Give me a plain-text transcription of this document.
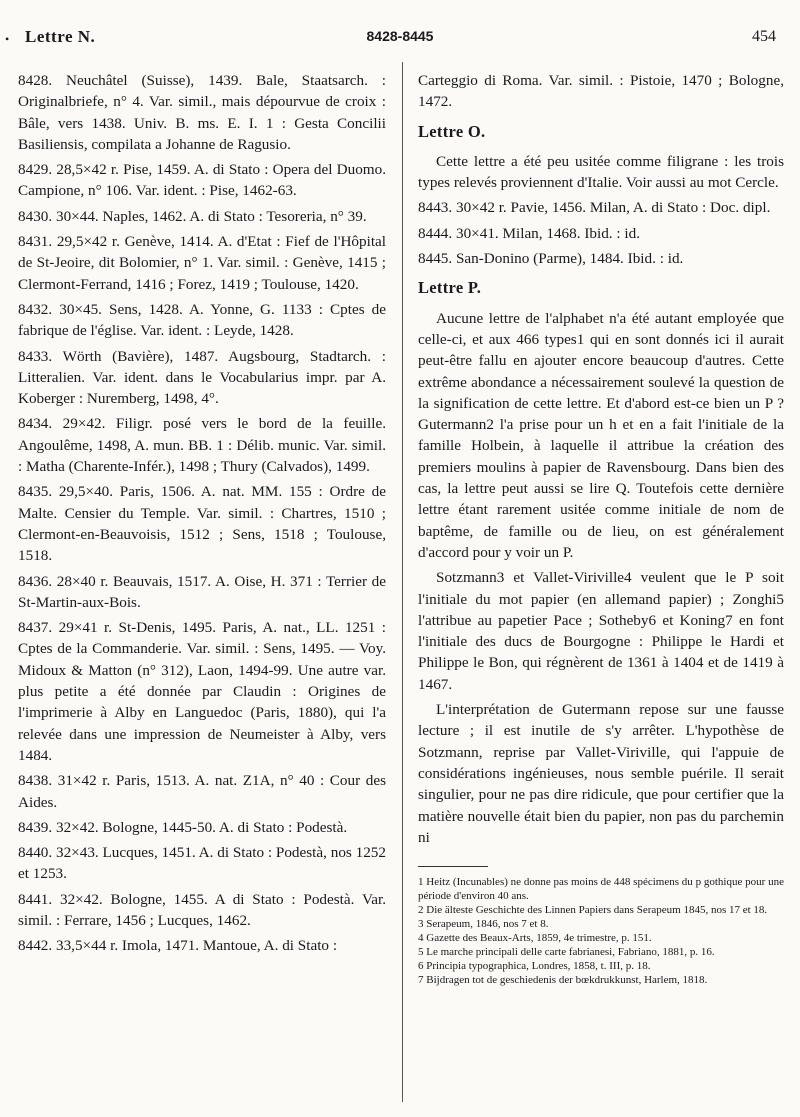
• Lettre N.	8428-8445	454

8428. Neuchâtel (Suisse), 1439. Bale, Staatsarch. : Originalbriefe, n° 4. Var. simil., mais dépourvue de croix : Bâle, vers 1438. Univ. B. ms. E. I. 1 : Gesta Concilii Basiliensis, compilata a Johanne de Ragusio.

8429. 28,5×42 r. Pise, 1459. A. di Stato : Opera del Duomo. Campione, n° 106. Var. ident. : Pise, 1462-63.

8430. 30×44. Naples, 1462. A. di Stato : Tesoreria, n° 39.

8431. 29,5×42 r. Genève, 1414. A. d'Etat : Fief de l'Hôpital de St-Jeoire, dit Bolomier, n° 1. Var. simil. : Genève, 1415 ; Clermont-Ferrand, 1416 ; Forez, 1419 ; Toulouse, 1420.

8432. 30×45. Sens, 1428. A. Yonne, G. 1133 : Cptes de fabrique de l'église. Var. ident. : Leyde, 1428.

8433. Wörth (Bavière), 1487. Augsbourg, Stadtarch. : Litteralien. Var. ident. dans le Vocabularius impr. par A. Koberger : Nuremberg, 1498, 4°.

8434. 29×42. Filigr. posé vers le bord de la feuille. Angoulême, 1498, A. mun. BB. 1 : Délib. munic. Var. simil. : Matha (Charente-Infér.), 1498 ; Thury (Calvados), 1499.

8435. 29,5×40. Paris, 1506. A. nat. MM. 155 : Ordre de Malte. Censier du Temple. Var. simil. : Chartres, 1510 ; Clermont-en-Beauvoisis, 1512 ; Sens, 1518 ; Toulouse, 1518.

8436. 28×40 r. Beauvais, 1517. A. Oise, H. 371 : Terrier de St-Martin-aux-Bois.

8437. 29×41 r. St-Denis, 1495. Paris, A. nat., LL. 1251 : Cptes de la Commanderie. Var. simil. : Sens, 1495. — Voy. Midoux & Matton (n° 312), Laon, 1494-99. Une autre var. plus petite a été donnée par Claudin : Origines de l'imprimerie à Alby en Languedoc (Paris, 1880), qui l'a relevée dans une impression de Neumeister à Alby, vers 1484.

8438. 31×42 r. Paris, 1513. A. nat. Z1A, n° 40 : Cour des Aides.

8439. 32×42. Bologne, 1445-50. A. di Stato : Podestà.

8440. 32×43. Lucques, 1451. A. di Stato : Podestà, nos 1252 et 1253.

8441. 32×42. Bologne, 1455. A di Stato : Podestà. Var. simil. : Ferrare, 1456 ; Lucques, 1462.

8442. 33,5×44 r. Imola, 1471. Mantoue, A. di Stato :

Carteggio di Roma. Var. simil. : Pistoie, 1470 ; Bologne, 1472.

Lettre O.

Cette lettre a été peu usitée comme filigrane : les trois types relevés proviennent d'Italie. Voir aussi au mot Cercle.

8443. 30×42 r. Pavie, 1456. Milan, A. di Stato : Doc. dipl.

8444. 30×41. Milan, 1468. Ibid. : id.

8445. San-Donino (Parme), 1484. Ibid. : id.

Lettre P.

Aucune lettre de l'alphabet n'a été autant employée que celle-ci, et aux 466 types1 qui en sont donnés ici il aurait peut-être fallu en ajouter encore beaucoup d'autres. Cette extrême abondance a nécessairement soulevé la question de la signification de cette lettre. Et d'abord est-ce bien un P ? Gutermann2 l'a prise pour un h et en a fait l'initiale de la famille Holbein, à laquelle il attribue la création des premiers moulins à papier de Ravensbourg. Dans bien des cas, la lettre peut aussi se lire Q. Toutefois cette dernière lettre étant rarement usitée comme initiale de nom de baptême, de famille ou de lieu, on est généralement d'accord pour y voir un P.

Sotzmann3 et Vallet-Viriville4 veulent que le P soit l'initiale du mot papier (en allemand papier) ; Zonghi5 l'attribue au papetier Pace ; Sotheby6 et Koning7 en font l'initiale des ducs de Bourgogne : Philippe le Hardi et Philippe le Bon, qui régnèrent de 1361 à 1404 et de 1419 à 1467.

L'interprétation de Gutermann repose sur une fausse lecture ; il est inutile de s'y arrêter. L'hypothèse de Sotzmann, reprise par Vallet-Viriville, qui l'appuie de considérations ingénieuses, nous semble puérile. Il serait singulier, pour ne pas dire ridicule, que pour certifier que la matière nouvelle était bien du papier, non pas du parchemin ni

1 Heitz (Incunables) ne donne pas moins de 448 spécimens du p gothique pour une période d'environ 40 ans.

2 Die älteste Geschichte des Linnen Papiers dans Serapeum 1845, nos 17 et 18.

3 Serapeum, 1846, nos 7 et 8.

4 Gazette des Beaux-Arts, 1859, 4e trimestre, p. 151.

5 Le marche principali delle carte fabrianesi, Fabriano, 1881, p. 16.

6 Principia typographica, Londres, 1858, t. III, p. 18.

7 Bijdragen tot de geschiedenis der bœkdrukkunst, Harlem, 1818.
